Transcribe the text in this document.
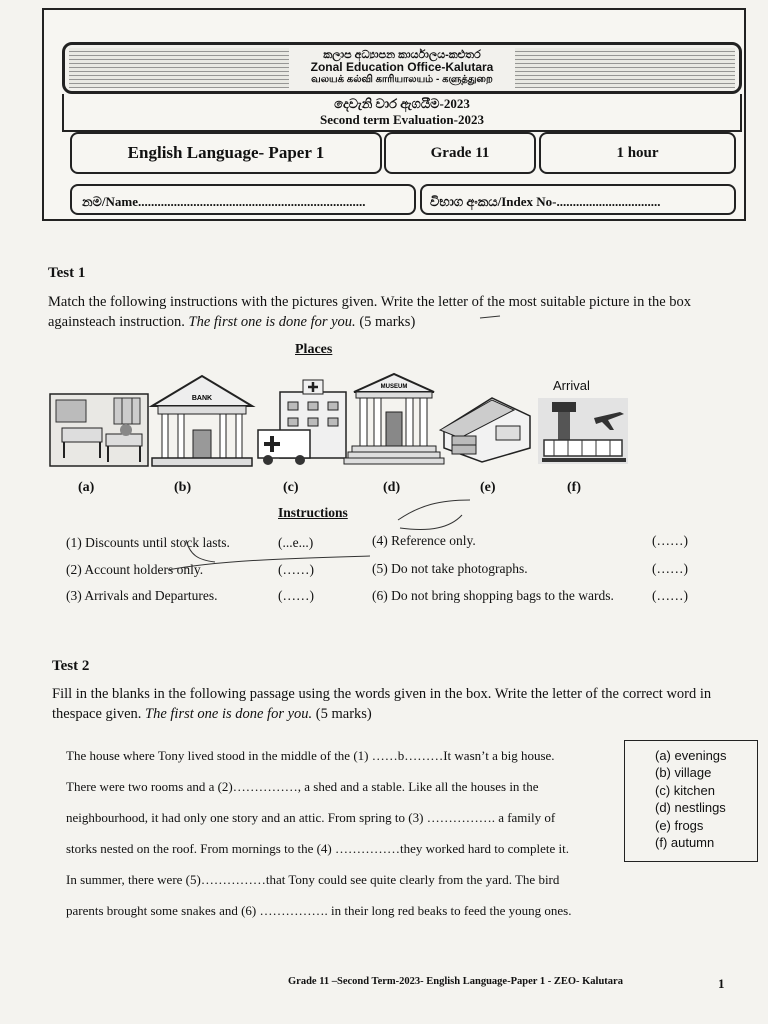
කලාප අධ්‍යාපන කාර්යාලය-කළුතර
Zonal Education Office-Kalutara
வலயக் கல்வி காரியாலயம் - களுத்துறை
දෙවැනි වාර ඇගයීම-2023
Second term Evaluation-2023
English Language- Paper 1	Grade 11	1 hour
නම/Name......................................................................	විභාග අංකය/Index No-................................
Test 1
Match the following instructions with the pictures given. Write the letter of the most suitable picture in the box againsteach instruction. The first one is done for you. (5 marks)
Places
Arrival
BANK
MUSEUM
(a)	(b)	(c)	(d)	(e)	(f)
Instructions
(1) Discounts until stock lasts.	(...e...)
(2) Account holders only.	(……)
(3) Arrivals and Departures.	(……)
(4) Reference only.	(……)
(5) Do not take photographs.	(……)
(6) Do not bring shopping bags to the wards.	(……)
Test 2
Fill in the blanks in the following passage using the words given in the box. Write the letter of the correct word in thespace given. The first one is done for you. (5 marks)
The house where Tony lived stood in the middle of the (1) ……b………It wasn’t a big house.
There were two rooms and a (2)……………, a shed and a stable. Like all the houses in the
neighbourhood, it had only one story and an attic. From spring to (3) ……………. a family of
storks nested on the roof. From mornings to the (4) ……………they worked hard to complete it.
In summer, there were (5)……………that Tony could see quite clearly from the yard. The bird
parents brought some snakes and (6) ……………. in their long red beaks to feed the young ones.
(a) evenings
(b) village
(c) kitchen
(d) nestlings
(e) frogs
(f) autumn
Grade 11 –Second Term-2023- English Language-Paper 1 - ZEO- Kalutara	1
